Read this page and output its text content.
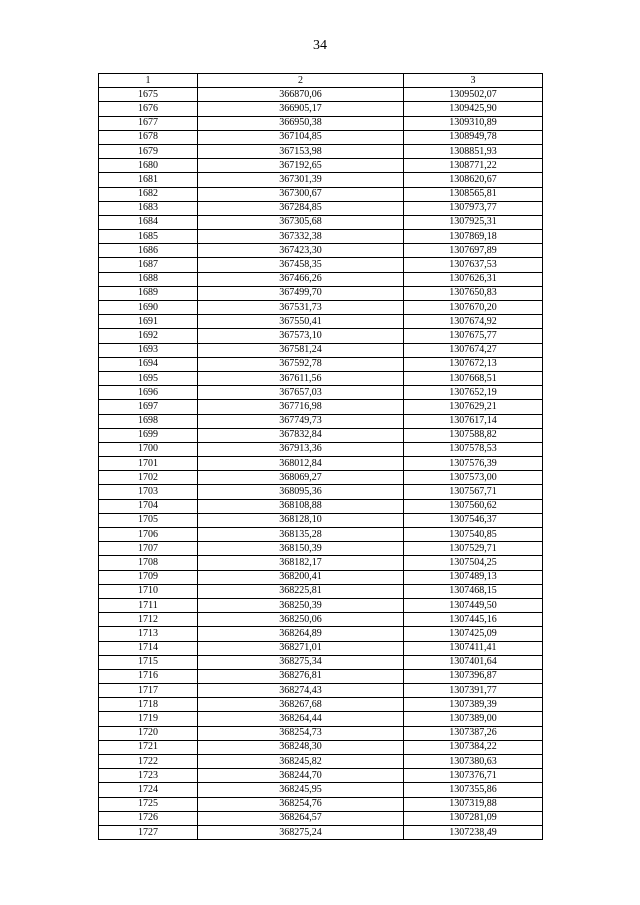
34
1	2	3
1675	366870,06	1309502,07
1676	366905,17	1309425,90
1677	366950,38	1309310,89
1678	367104,85	1308949,78
1679	367153,98	1308851,93
1680	367192,65	1308771,22
1681	367301,39	1308620,67
1682	367300,67	1308565,81
1683	367284,85	1307973,77
1684	367305,68	1307925,31
1685	367332,38	1307869,18
1686	367423,30	1307697,89
1687	367458,35	1307637,53
1688	367466,26	1307626,31
1689	367499,70	1307650,83
1690	367531,73	1307670,20
1691	367550,41	1307674,92
1692	367573,10	1307675,77
1693	367581,24	1307674,27
1694	367592,78	1307672,13
1695	367611,56	1307668,51
1696	367657,03	1307652,19
1697	367716,98	1307629,21
1698	367749,73	1307617,14
1699	367832,84	1307588,82
1700	367913,36	1307578,53
1701	368012,84	1307576,39
1702	368069,27	1307573,00
1703	368095,36	1307567,71
1704	368108,88	1307560,62
1705	368128,10	1307546,37
1706	368135,28	1307540,85
1707	368150,39	1307529,71
1708	368182,17	1307504,25
1709	368200,41	1307489,13
1710	368225,81	1307468,15
1711	368250,39	1307449,50
1712	368250,06	1307445,16
1713	368264,89	1307425,09
1714	368271,01	1307411,41
1715	368275,34	1307401,64
1716	368276,81	1307396,87
1717	368274,43	1307391,77
1718	368267,68	1307389,39
1719	368264,44	1307389,00
1720	368254,73	1307387,26
1721	368248,30	1307384,22
1722	368245,82	1307380,63
1723	368244,70	1307376,71
1724	368245,95	1307355,86
1725	368254,76	1307319,88
1726	368264,57	1307281,09
1727	368275,24	1307238,49
